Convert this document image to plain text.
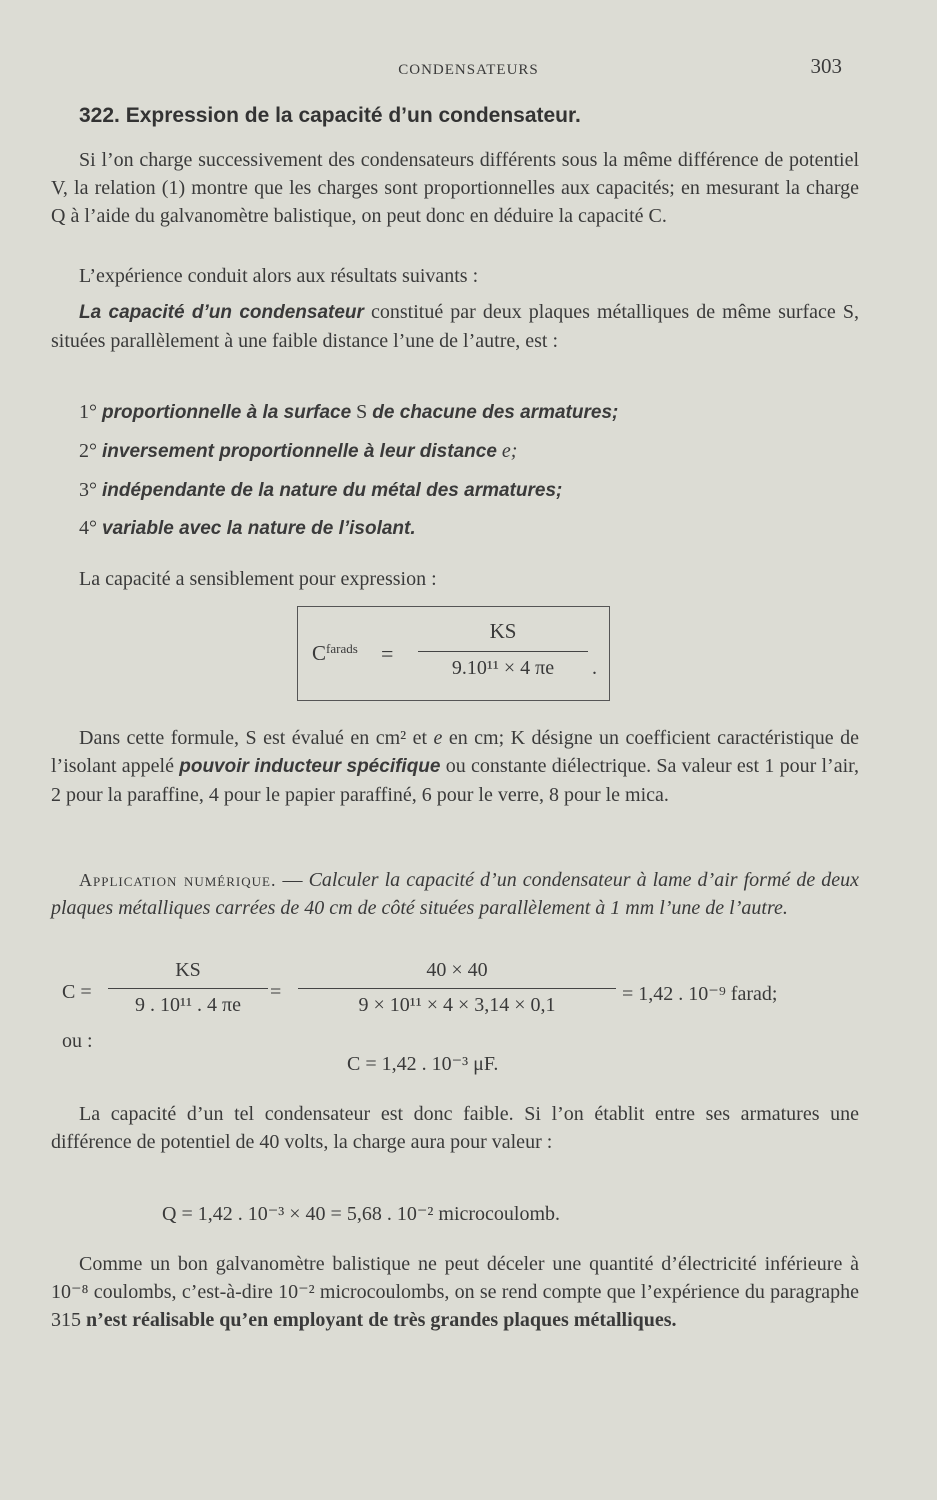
CONDENSATEURS	303
322. Expression de la capacité d’un condensateur.
Si l’on charge successivement des condensateurs différents sous la même différence de potentiel V, la relation (1) montre que les charges sont proportionnelles aux capacités; en mesurant la charge Q à l’aide du galvanomètre balistique, on peut donc en déduire la capacité C.
L’expérience conduit alors aux résultats suivants :
La capacité d’un condensateur constitué par deux plaques métalliques de même surface S, situées parallèlement à une faible distance l’une de l’autre, est :
1° proportionnelle à la surface S de chacune des armatures;
2° inversement proportionnelle à leur distance e;
3° indépendante de la nature du métal des armatures;
4° variable avec la nature de l’isolant.
La capacité a sensiblement pour expression :
$C^{farads}$ =
KS
9.10¹¹ × 4 πe	.
Dans cette formule, S est évalué en cm² et e en cm; K désigne un coefficient caractéristique de l’isolant appelé pouvoir inducteur spécifique ou constante diélectrique. Sa valeur est 1 pour l’air, 2 pour la paraffine, 4 pour le papier paraffiné, 6 pour le verre, 8 pour le mica.
Application numérique. — Calculer la capacité d’un condensateur à lame d’air formé de deux plaques métalliques carrées de 40 cm de côté situées parallèlement à 1 mm l’une de l’autre.
C =
KS
9 . 10¹¹ . 4 πe
=
40 × 40
9 × 10¹¹ × 4 × 3,14 × 0,1	= 1,42 . 10⁻⁹ farad;
ou :
C = 1,42 . 10⁻³ μF.
La capacité d’un tel condensateur est donc faible. Si l’on établit entre ses armatures une différence de potentiel de 40 volts, la charge aura pour valeur :
Q = 1,42 . 10⁻³ × 40 = 5,68 . 10⁻² microcoulomb.
Comme un bon galvanomètre balistique ne peut déceler une quantité d’électricité inférieure à 10⁻⁸ coulombs, c’est-à-dire 10⁻² microcoulombs, on se rend compte que l’expérience du paragraphe 315 n’est réalisable qu’en employant de très grandes plaques métalliques.
